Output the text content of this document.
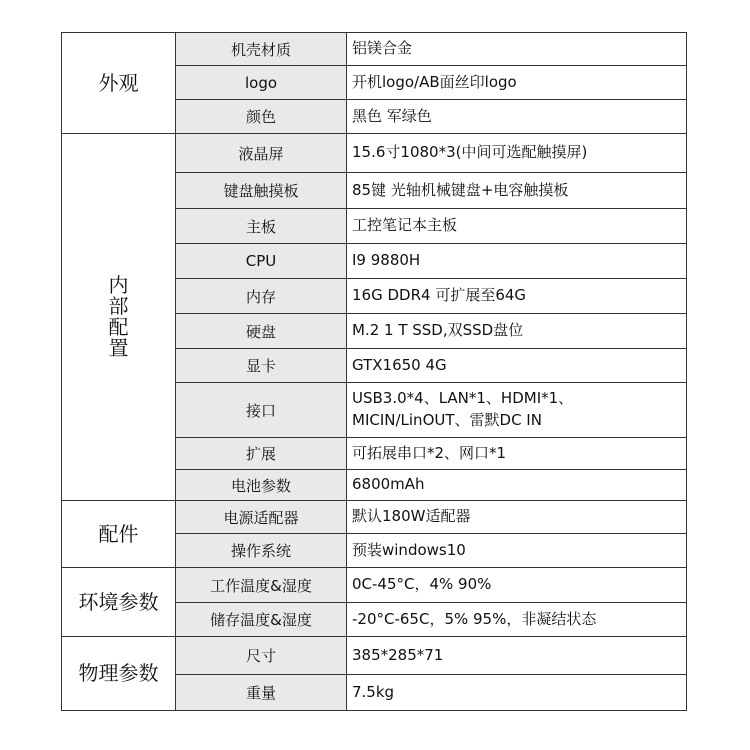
外观	机壳材质	铝镁合金
	logo	开机logo/AB面丝印logo
	颜色	黑色 军绿色
内部配置	液晶屏	15.6寸1080*3(中间可选配触摸屏)
	键盘触摸板	85键 光轴机械键盘+电容触摸板
	主板	工控笔记本主板
	CPU	I9 9880H
	内存	16G DDR4 可扩展至64G
	硬盘	M.2 1 T SSD,双SSD盘位
	显卡	GTX1650 4G
	接口	USB3.0*4、LAN*1、HDMI*1、MICIN/LinOUT、雷默DC IN
	扩展	可拓展串口*2、网口*1
	电池参数	6800mAh
配件	电源适配器	默认180W适配器
	操作系统	预装windows10
环境参数	工作温度&湿度	0C-45°C，4% 90%
	储存温度&湿度	-20°C-65C，5% 95%，非凝结状态
物理参数	尺寸	385*285*71
	重量	7.5kg
